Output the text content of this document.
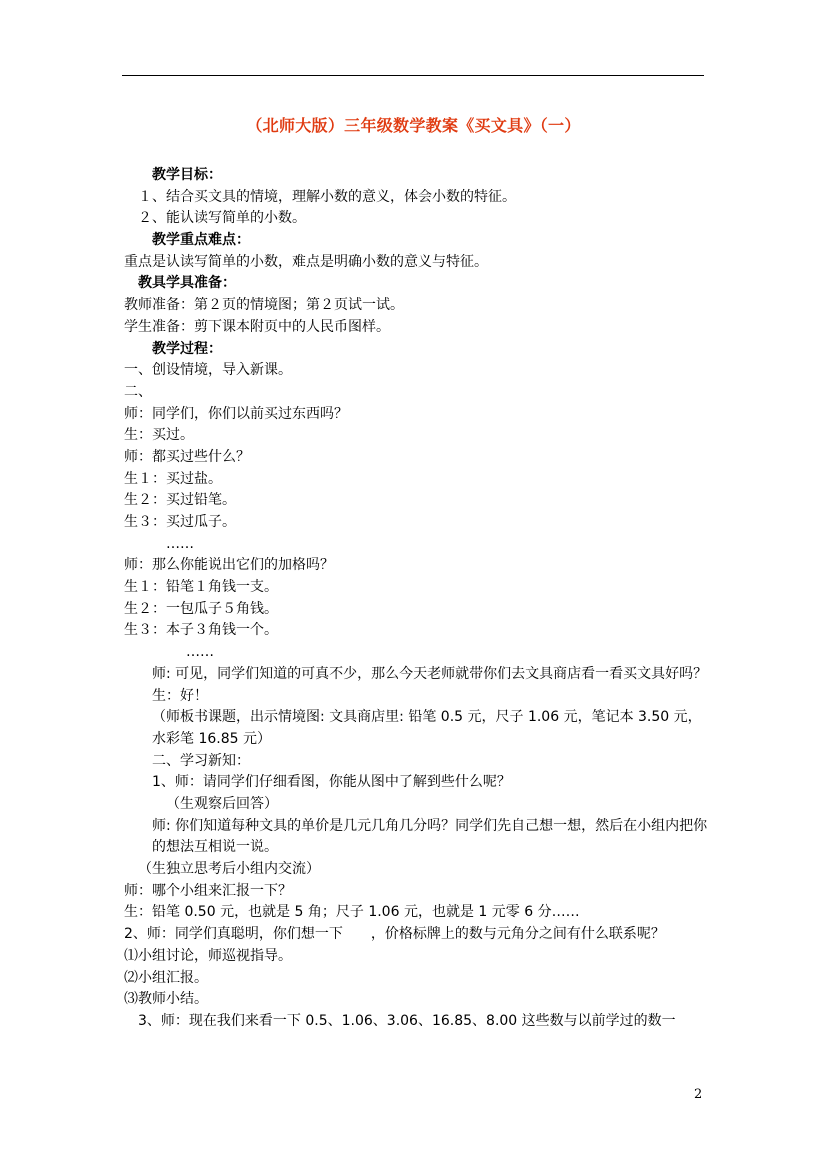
（北师大版）三年级数学教案《买文具》（一）
教学目标：
１、结合买文具的情境，理解小数的意义，体会小数的特征。
２、能认读写简单的小数。
教学重点难点：
重点是认读写简单的小数，难点是明确小数的意义与特征。
教具学具准备：
教师准备：第２页的情境图；第２页试一试。
学生准备：剪下课本附页中的人民币图样。
教学过程：
一、创设情境，导入新课。
二、
师：同学们，你们以前买过东西吗？
生：买过。
师：都买过些什么？
生１：买过盐。
生２：买过铅笔。
生３：买过瓜子。
……
师：那么你能说出它们的加格吗？
生１：铅笔１角钱一支。
生２：一包瓜子５角钱。
生３：本子３角钱一个。
……
师: 可见，同学们知道的可真不少，那么今天老师就带你们去文具商店看一看买文具好吗？
生：好！
（师板书课题，出示情境图: 文具商店里: 铅笔 0.5 元，尺子 1.06 元，笔记本 3.50 元，水彩笔 16.85 元）
二、学习新知：
1、师：请同学们仔细看图，你能从图中了解到些什么呢？
（生观察后回答）
师: 你们知道每种文具的单价是几元几角几分吗？同学们先自己想一想，然后在小组内把你的想法互相说一说。
（生独立思考后小组内交流）
师：哪个小组来汇报一下？
生：铅笔 0.50 元，也就是 5 角；尺子 1.06 元，也就是 1 元零 6 分……
2、师：同学们真聪明，你们想一下　　，价格标牌上的数与元角分之间有什么联系呢？
⑴小组讨论，师巡视指导。
⑵小组汇报。
⑶教师小结。
3、师：现在我们来看一下 0.5、1.06、3.06、16.85、8.00 这些数与以前学过的数一
2
